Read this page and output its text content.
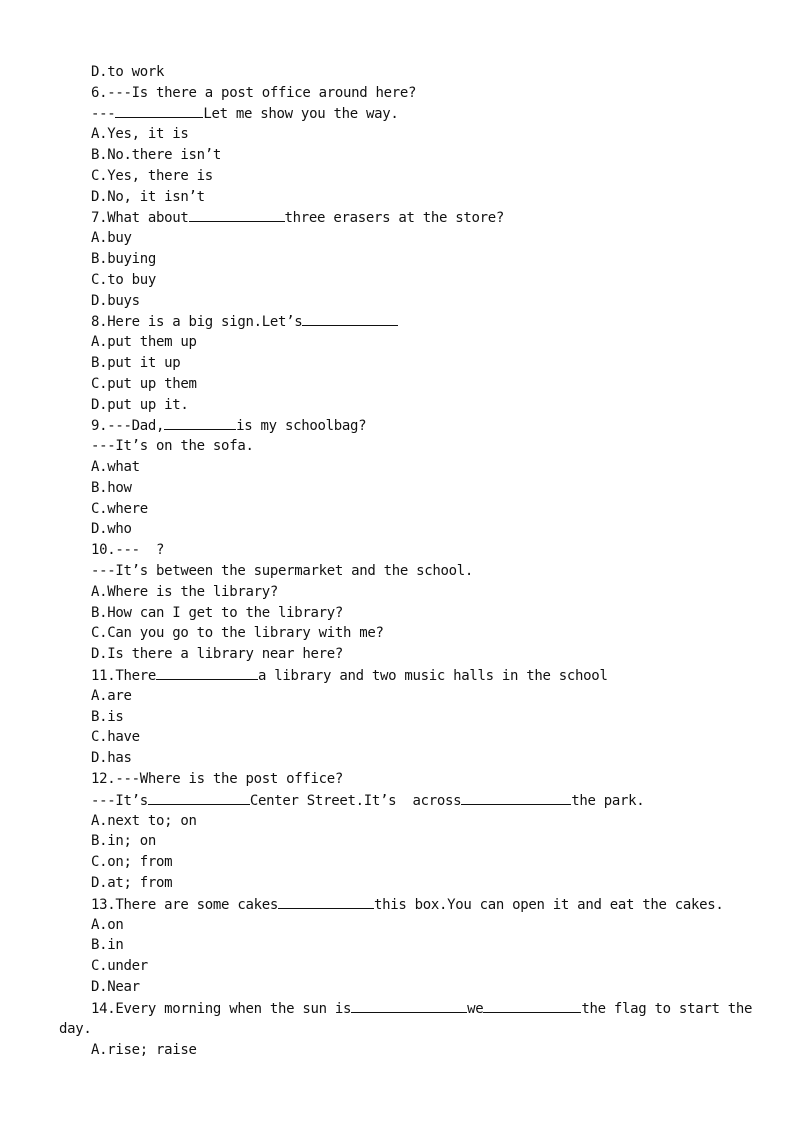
D.to work
6.---Is there a post office around here?
---	Let me show you the way.
A.Yes, it is
B.No.there isn’t
C.Yes, there is
D.No, it isn’t
7.What about	three erasers at the store?
A.buy
B.buying
C.to buy
D.buys
8.Here is a big sign.Let’s
A.put them up
B.put it up
C.put up them
D.put up it.
9.---Dad,	is my schoolbag?
---It’s on the sofa.
A.what
B.how
C.where
D.who
10.---  ?
---It’s between the supermarket and the school.
A.Where is the library?
B.How can I get to the library?
C.Can you go to the library with me?
D.Is there a library near here?
11.There	a library and two music halls in the school
A.are
B.is
C.have
D.has
12.---Where is the post office?
---It’s	Center Street.It’s  across	the park.
A.next to; on
B.in; on
C.on; from
D.at; from
13.There are some cakes	this box.You can open it and eat the cakes.
A.on
B.in
C.under
D.Near
14.Every morning when the sun is	we	the flag to start the
day.
A.rise; raise
